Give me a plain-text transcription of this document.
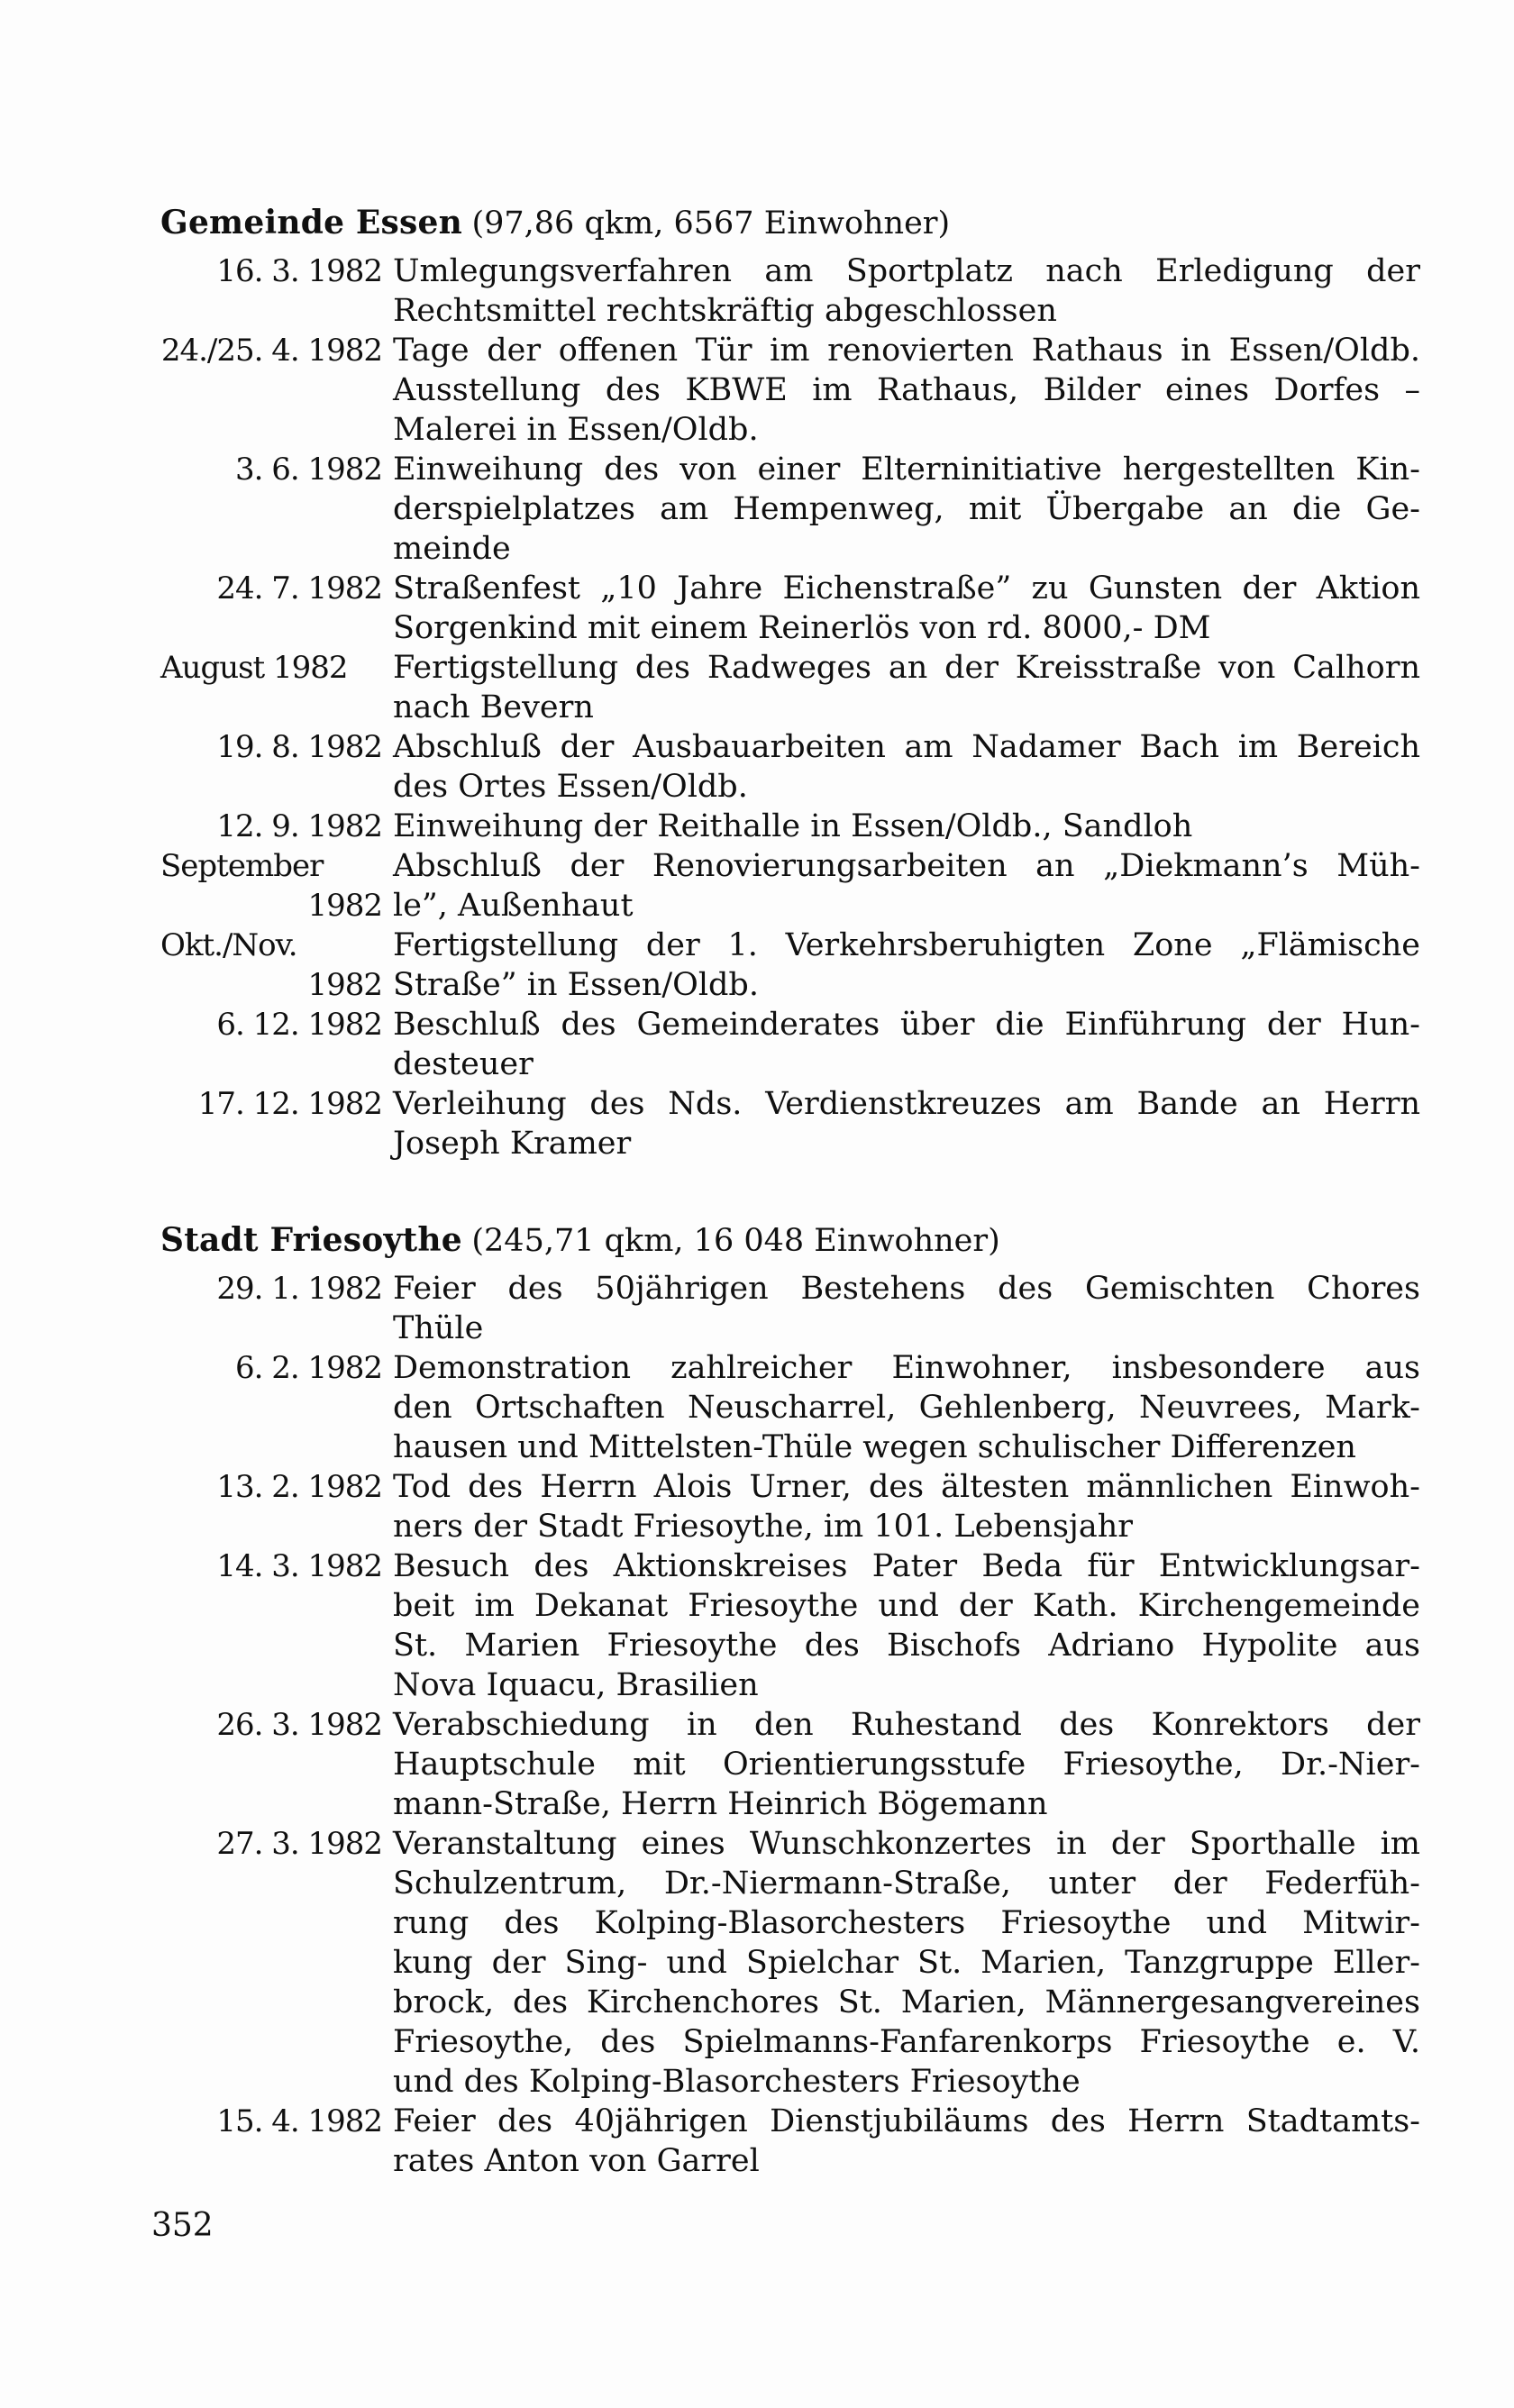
Gemeinde Essen (97,86 qkm, 6567 Einwohner)
16. 3. 1982 Umlegungsverfahren am Sportplatz nach Erledigung der
Rechtsmittel rechtskräftig abgeschlossen
24./25. 4. 1982 Tage der offenen Tür im renovierten Rathaus in Essen/Oldb.
Ausstellung des KBWE im Rathaus, Bilder eines Dorfes –
Malerei in Essen/Oldb.
3. 6. 1982 Einweihung des von einer Elterninitiative hergestellten Kin-
derspielplatzes am Hempenweg, mit Übergabe an die Ge-
meinde
24. 7. 1982 Straßenfest „10 Jahre Eichenstraße” zu Gunsten der Aktion
Sorgenkind mit einem Reinerlös von rd. 8000,- DM
August 1982	Fertigstellung des Radweges an der Kreisstraße von Calhorn
nach Bevern
19. 8. 1982 Abschluß der Ausbauarbeiten am Nadamer Bach im Bereich
des Ortes Essen/Oldb.
12. 9. 1982 Einweihung der Reithalle in Essen/Oldb., Sandloh
September
1982
Abschluß der Renovierungsarbeiten an „Diekmann’s Müh-
le”, Außenhaut
Okt./Nov.
1982
Fertigstellung der 1. Verkehrsberuhigten Zone „Flämische
Straße” in Essen/Oldb.
6. 12. 1982 Beschluß des Gemeinderates über die Einführung der Hun-
desteuer
17. 12. 1982 Verleihung des Nds. Verdienstkreuzes am Bande an Herrn
Joseph Kramer
Stadt Friesoythe (245,71 qkm, 16 048 Einwohner)
29. 1. 1982 Feier des 50jährigen Bestehens des Gemischten Chores
Thüle
6. 2. 1982 Demonstration zahlreicher Einwohner, insbesondere aus
den Ortschaften Neuscharrel, Gehlenberg, Neuvrees, Mark-
hausen und Mittelsten-Thüle wegen schulischer Differenzen
13. 2. 1982 Tod des Herrn Alois Urner, des ältesten männlichen Einwoh-
ners der Stadt Friesoythe, im 101. Lebensjahr
14. 3. 1982 Besuch des Aktionskreises Pater Beda für Entwicklungsar-
beit im Dekanat Friesoythe und der Kath. Kirchengemeinde
St. Marien Friesoythe des Bischofs Adriano Hypolite aus
Nova Iquacu, Brasilien
26. 3. 1982 Verabschiedung in den Ruhestand des Konrektors der
Hauptschule mit Orientierungsstufe Friesoythe, Dr.-Nier-
mann-Straße, Herrn Heinrich Bögemann
27. 3. 1982 Veranstaltung eines Wunschkonzertes in der Sporthalle im
Schulzentrum, Dr.-Niermann-Straße, unter der Federfüh-
rung des Kolping-Blasorchesters Friesoythe und Mitwir-
kung der Sing- und Spielchar St. Marien, Tanzgruppe Eller-
brock, des Kirchenchores St. Marien, Männergesangvereines
Friesoythe, des Spielmanns-Fanfarenkorps Friesoythe e. V.
und des Kolping-Blasorchesters Friesoythe
15. 4. 1982 Feier des 40jährigen Dienstjubiläums des Herrn Stadtamts-
rates Anton von Garrel
352
